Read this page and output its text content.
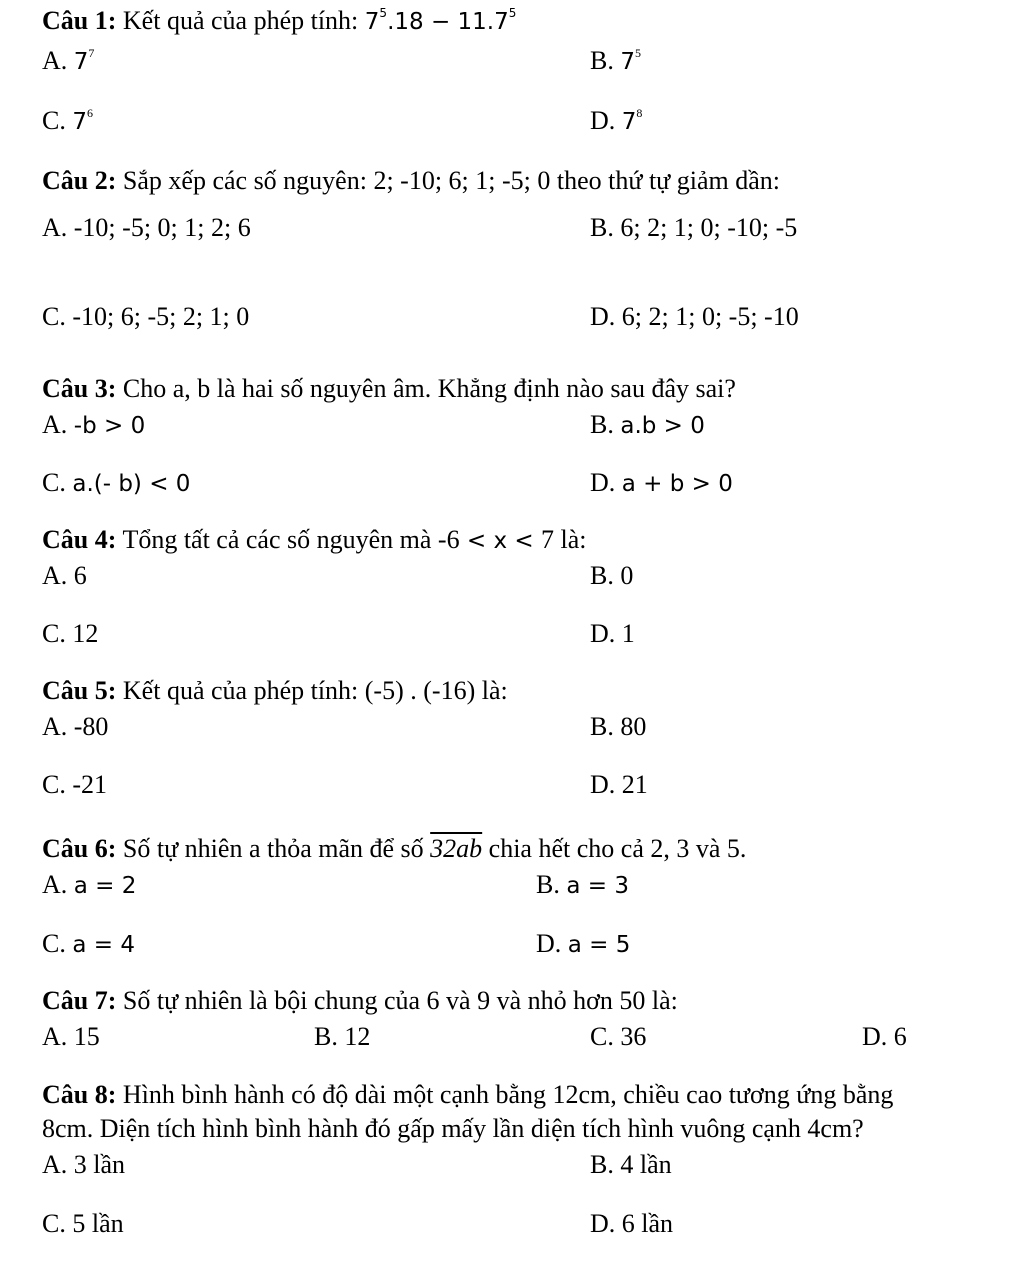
Câu 1: Kết quả của phép tính: $7^5.18 - 11.7^5$
A. $7^7$	B. $7^5$
C. $7^6$	D. $7^8$
Câu 2: Sắp xếp các số nguyên: 2; -10; 6; 1; -5; 0 theo thứ tự giảm dần:
A. -10; -5; 0; 1; 2; 6	B. 6; 2; 1; 0; -10; -5
C. -10; 6; -5; 2; 1; 0	D. 6; 2; 1; 0; -5; -10
Câu 3: Cho a, b là hai số nguyên âm. Khẳng định nào sau đây sai?
A. -b > 0	B. a.b > 0
C. a.(- b) < 0	D. a + b > 0
Câu 4: Tổng tất cả các số nguyên mà -6 < x < 7 là:
A. 6	B. 0
C. 12	D. 1
Câu 5: Kết quả của phép tính: (-5) . (-16) là:
A. -80	B. 80
C. -21	D. 21
Câu 6: Số tự nhiên a thỏa mãn để số 32ab chia hết cho cả 2, 3 và 5.
A. a = 2	B. a = 3
C. a = 4	D. a = 5
Câu 7: Số tự nhiên là bội chung của 6 và 9 và nhỏ hơn 50 là:
A. 15	B. 12	C. 36	D. 6
Câu 8: Hình bình hành có độ dài một cạnh bằng 12cm, chiều cao tương ứng bằng
8cm. Diện tích hình bình hành đó gấp mấy lần diện tích hình vuông cạnh 4cm?
A. 3 lần	B. 4 lần
C. 5 lần	D. 6 lần
